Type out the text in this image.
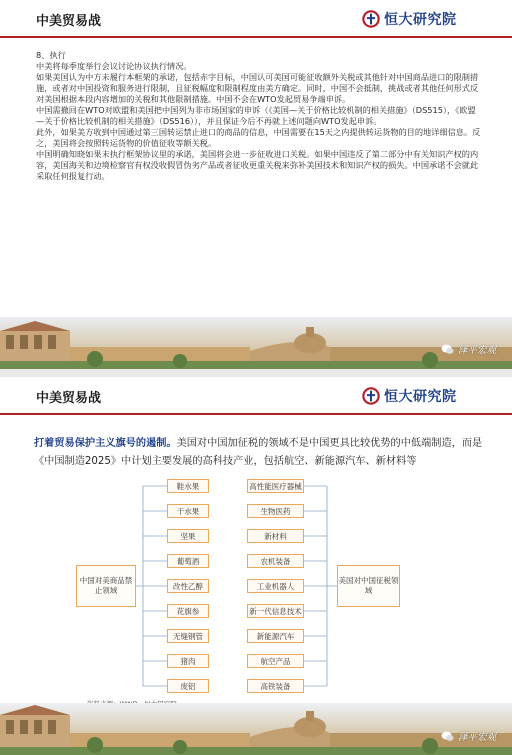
中美贸易战	恒大研究院

8、执行

中美将每季度举行会议讨论协议执行情况。

如果美国认为中方未履行本框架的承诺，包括赤字目标，中国认可美国可能征收额外关税或其他针对中国商品进口的限制措施，或者对中国投资和服务进行限制，且征税幅度和限制程度由美方确定。同时，中国不会抵制，挑战或者其他任何形式反对美国根据本段内容增加的关税和其他限制措施。中国不会在WTO发起贸易争端申诉。

中国需撤回在WTO对欧盟和美国把中国列为非市场国家的申诉（《美国—关于价格比较机制的相关措施》（DS515），《欧盟—关于价格比较机制的相关措施》（DS516）），并且保证今后不再就上述问题向WTO发起申诉。

此外，如果美方收到中国通过第三国转运禁止进口的商品的信息，中国需要在15天之内提供转运货物的目的地详细信息。反之，美国将会按照转运货物的价值征收等额关税。

中国明确知晓如果未执行框架协议里的承诺，美国将会进一步征收进口关税。如果中国违反了第二部分中有关知识产权的内容，美国海关和边境检察官有权没收假冒伪劣产品或者征收更重关税来弥补美国技术和知识产权的损失。中国承诺不会就此采取任何报复行动。

泽平宏观
中美贸易战	恒大研究院
打着贸易保护主义旗号的遏制。美国对中国加征税的领域不是中国更具比较优势的中低端制造，而是《中国制造2025》中计划主要发展的高科技产业，包括航空、新能源汽车、新材料等
中国对美商品禁止领域
美国对中国征税领域
鞋水果
干水果
坚果
葡萄酒
改性乙醇
花旗参
无缝钢管
猪肉
废铝
高性能医疗器械
生物医药
新材料
农机装备
工业机器人
新一代信息技术
新能源汽车
航空产品
高铁装备
泽平宏观
